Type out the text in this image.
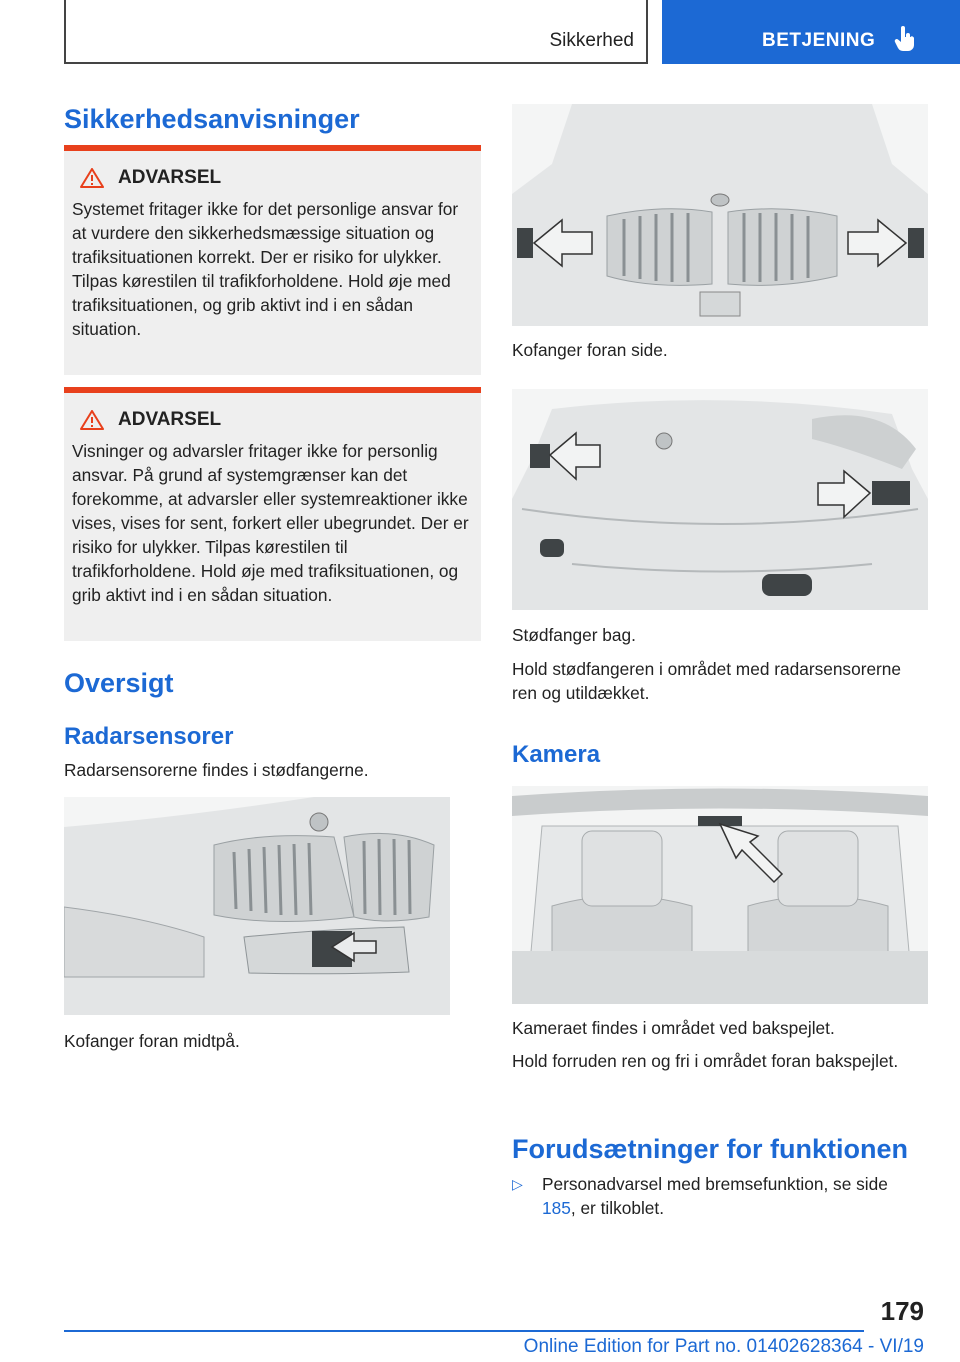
Sikkerhed	BETJENING
Sikkerhedsanvisninger
ADVARSEL
Systemet fritager ikke for det personlige ansvar for at vurdere den sikkerhedsmæssige situation og trafiksituationen korrekt. Der er risiko for ulykker. Tilpas kørestilen til trafikforholdene. Hold øje med trafiksituationen, og grib aktivt ind i en sådan situation.
ADVARSEL
Visninger og advarsler fritager ikke for personlig ansvar. På grund af systemgrænser kan det forekomme, at advarsler eller systemreaktioner ikke vises, vises for sent, forkert eller ubegrundet. Der er risiko for ulykker. Tilpas kørestilen til trafikforholdene. Hold øje med trafiksituationen, og grib aktivt ind i en sådan situation.
Oversigt
Radarsensorer
Radarsensorerne findes i stødfangerne.
Kofanger foran midtpå.
Kofanger foran side.
Stødfanger bag.
Hold stødfangeren i området med radarsensorerne ren og utildækket.
Kamera
Kameraet findes i området ved bakspejlet.
Hold forruden ren og fri i området foran bakspejlet.
Forudsætninger for funktionen
▷ Personadvarsel med bremsefunktion, se side 185, er tilkoblet.
179
Online Edition for Part no. 01402628364 - VI/19
